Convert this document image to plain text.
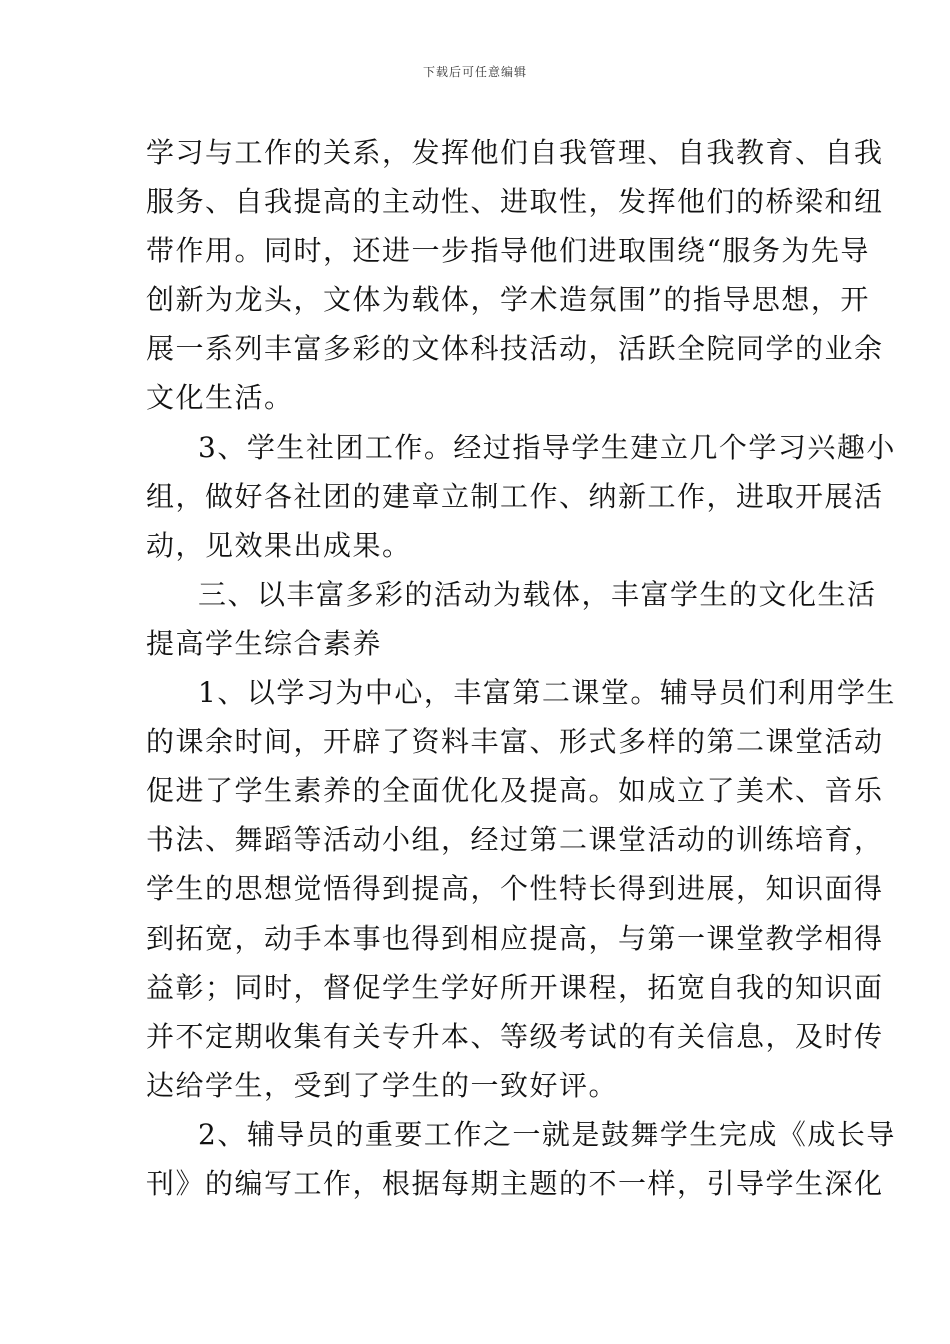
下载后可任意编辑
学习与工作的关系，发挥他们自我管理、自我教育、自我
服务、自我提高的主动性、进取性，发挥他们的桥梁和纽
带作用。同时，还进一步指导他们进取围绕“服务为先导
创新为龙头，文体为载体，学术造氛围”的指导思想，开
展一系列丰富多彩的文体科技活动，活跃全院同学的业余
文化生活。
3、学生社团工作。经过指导学生建立几个学习兴趣小
组，做好各社团的建章立制工作、纳新工作，进取开展活
动，见效果出成果。
三、以丰富多彩的活动为载体，丰富学生的文化生活
提高学生综合素养
1、以学习为中心，丰富第二课堂。辅导员们利用学生
的课余时间，开辟了资料丰富、形式多样的第二课堂活动
促进了学生素养的全面优化及提高。如成立了美术、音乐
书法、舞蹈等活动小组，经过第二课堂活动的训练培育，
学生的思想觉悟得到提高，个性特长得到进展，知识面得
到拓宽，动手本事也得到相应提高，与第一课堂教学相得
益彰；同时，督促学生学好所开课程，拓宽自我的知识面
并不定期收集有关专升本、等级考试的有关信息，及时传
达给学生，受到了学生的一致好评。
2、辅导员的重要工作之一就是鼓舞学生完成《成长导
刊》的编写工作，根据每期主题的不一样，引导学生深化
